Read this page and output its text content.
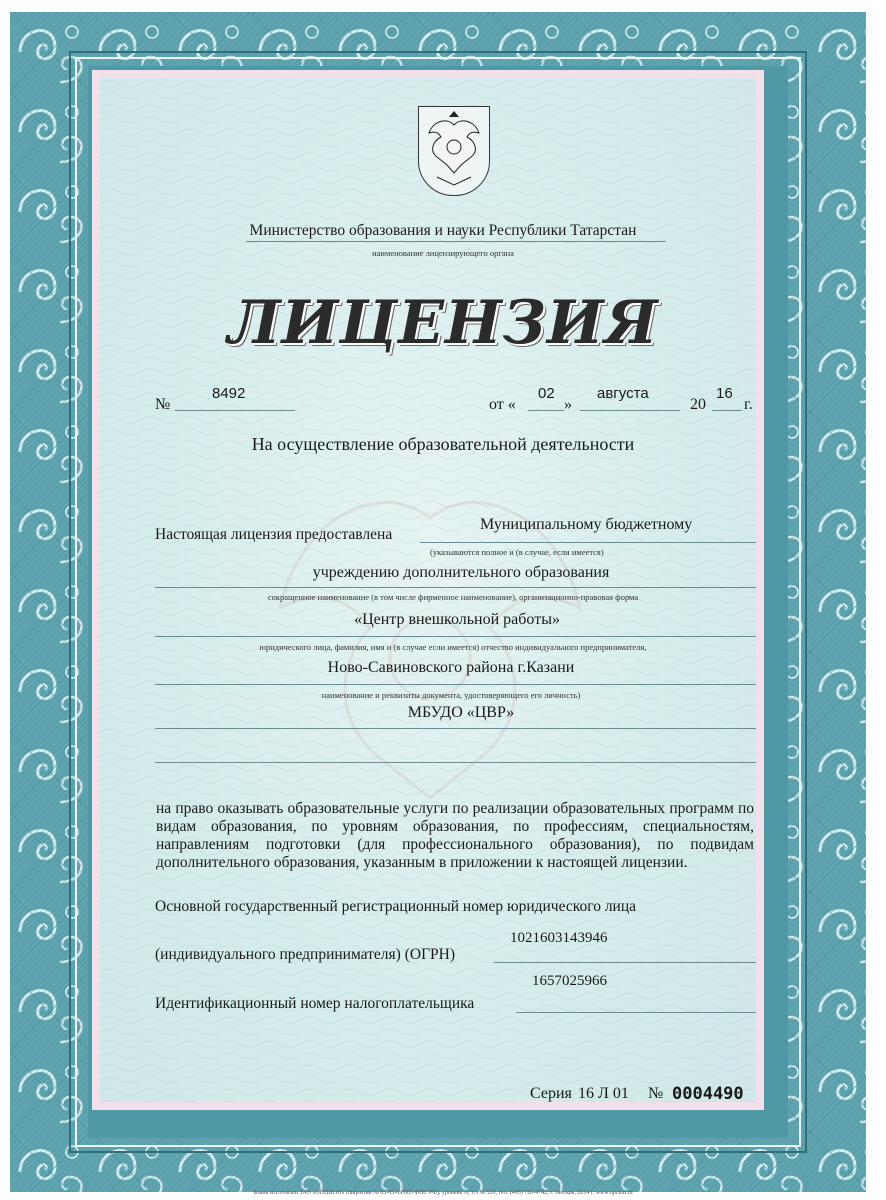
Министерство образования и науки Республики Татарстан
наименование лицензирующего органа
ЛИЦЕНЗИЯ
№
8492
от «
02
»
августа
20
16
г.
На осуществление образовательной деятельности
Настоящая лицензия предоставлена
Муниципальному бюджетному
(указываются полное и (в случае, если имеется)
учреждению дополнительного образования
сокращенное наименование (в том числе фирменное наименование), организационно-правовая форма
«Центр внешкольной работы»
юридического лица, фамилия, имя и (в случае если имеется) отчество индивидуального предпринимателя,
Ново-Савиновского района г.Казани
наименование и реквизиты документа, удостоверяющего его личность)
МБУДО «ЦВР»
на право оказывать образовательные услуги по реализации образовательных программ по видам образования, по уровням образования, по профессиям, специальностям, направлениям подготовки (для профессионального образования), по подвидам дополнительного образования, указанным в приложении к настоящей лицензии.
Основной государственный регистрационный номер юридического лица
1021603143946
(индивидуального предпринимателя) (ОГРН)
1657025966
Идентификационный номер налогоплательщика
Серия 16 Л 01 № 0004490
Бланк изготовлен ЗАО «ОПЦИОН» (лицензия № 05-05-09/003 ФНС РФ), уровень А, т/з № 520, тел. (495) 726-4742, г. Москва, 2014 г. www.opcion.ru
